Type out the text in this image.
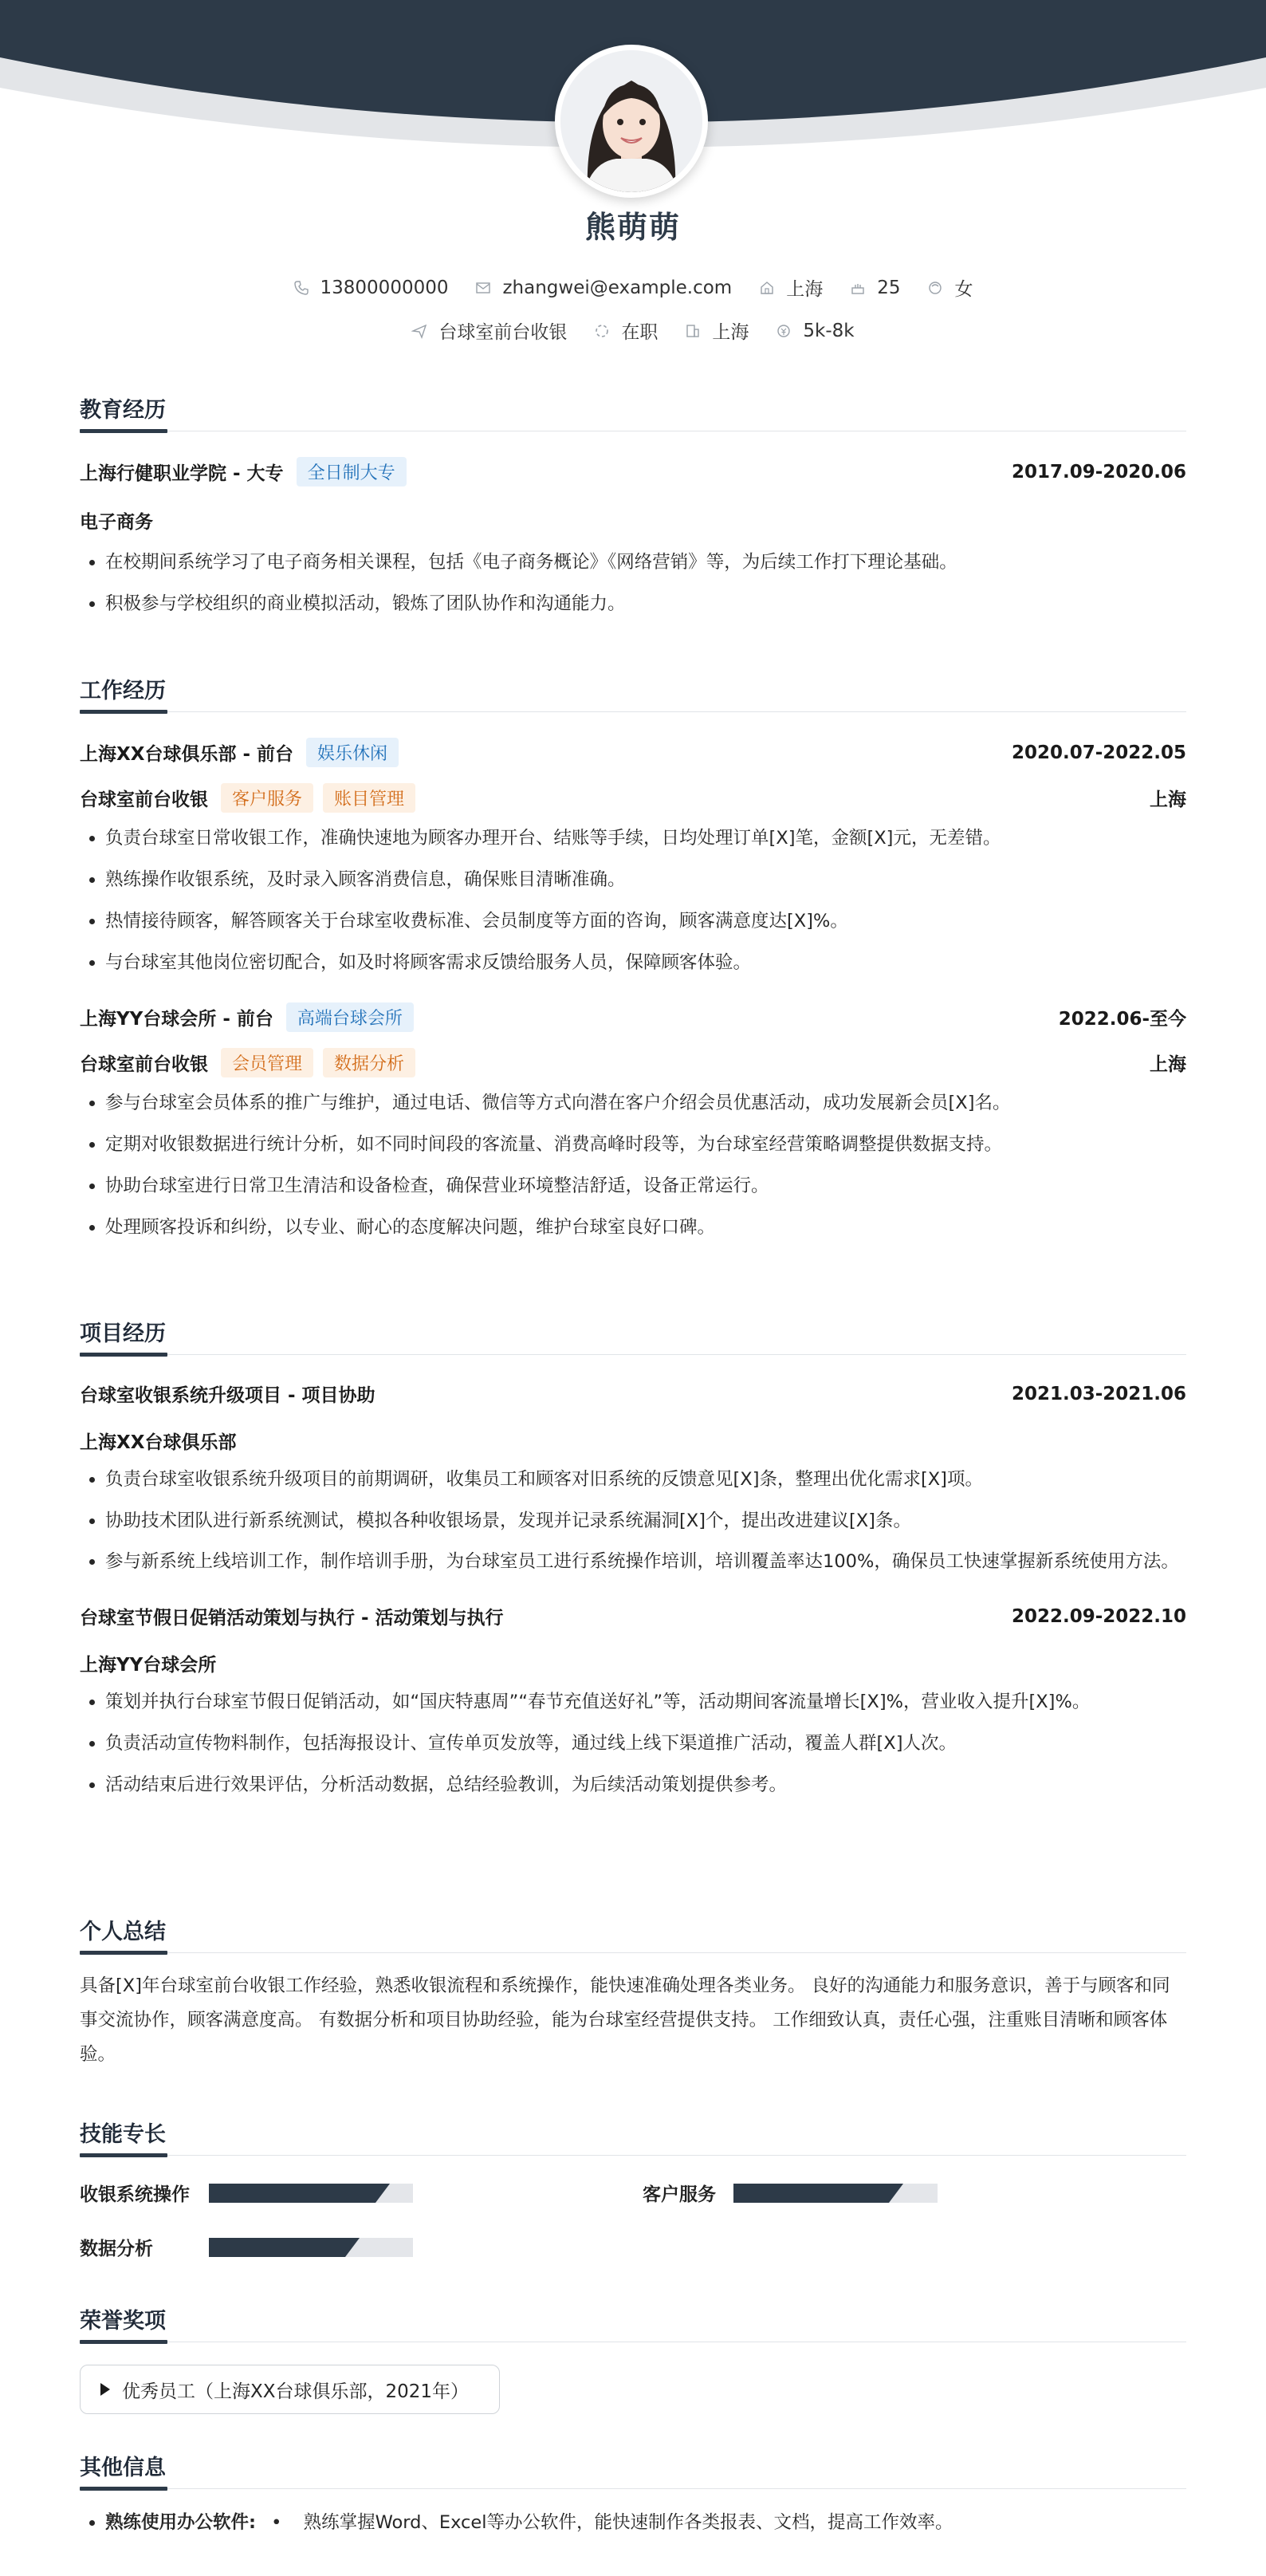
熊萌萌
13800000000	zhangwei@example.com	上海	25	女
台球室前台收银	在职	上海	5k-8k
教育经历
上海行健职业学院 - 大专	全日制大专	2017.09-2020.06
电子商务
• 在校期间系统学习了电子商务相关课程，包括《电子商务概论》《网络营销》等，为后续工作打下理论基础。
• 积极参与学校组织的商业模拟活动，锻炼了团队协作和沟通能力。
工作经历
上海XX台球俱乐部 - 前台	娱乐休闲	2020.07-2022.05
台球室前台收银	客户服务	账目管理	上海
• 负责台球室日常收银工作，准确快速地为顾客办理开台、结账等手续，日均处理订单[X]笔，金额[X]元，无差错。
• 熟练操作收银系统，及时录入顾客消费信息，确保账目清晰准确。
• 热情接待顾客，解答顾客关于台球室收费标准、会员制度等方面的咨询，顾客满意度达[X]%。
• 与台球室其他岗位密切配合，如及时将顾客需求反馈给服务人员，保障顾客体验。
上海YY台球会所 - 前台	高端台球会所	2022.06-至今
台球室前台收银	会员管理	数据分析	上海
• 参与台球室会员体系的推广与维护，通过电话、微信等方式向潜在客户介绍会员优惠活动，成功发展新会员[X]名。
• 定期对收银数据进行统计分析，如不同时间段的客流量、消费高峰时段等，为台球室经营策略调整提供数据支持。
• 协助台球室进行日常卫生清洁和设备检查，确保营业环境整洁舒适，设备正常运行。
• 处理顾客投诉和纠纷，以专业、耐心的态度解决问题，维护台球室良好口碑。
项目经历
台球室收银系统升级项目 - 项目协助	2021.03-2021.06
上海XX台球俱乐部
• 负责台球室收银系统升级项目的前期调研，收集员工和顾客对旧系统的反馈意见[X]条，整理出优化需求[X]项。
• 协助技术团队进行新系统测试，模拟各种收银场景，发现并记录系统漏洞[X]个，提出改进建议[X]条。
• 参与新系统上线培训工作，制作培训手册，为台球室员工进行系统操作培训，培训覆盖率达100%，确保员工快速掌握新系统使用方法。
台球室节假日促销活动策划与执行 - 活动策划与执行	2022.09-2022.10
上海YY台球会所
• 策划并执行台球室节假日促销活动，如“国庆特惠周”“春节充值送好礼”等，活动期间客流量增长[X]%，营业收入提升[X]%。
• 负责活动宣传物料制作，包括海报设计、宣传单页发放等，通过线上线下渠道推广活动，覆盖人群[X]人次。
• 活动结束后进行效果评估，分析活动数据，总结经验教训，为后续活动策划提供参考。
个人总结
具备[X]年台球室前台收银工作经验，熟悉收银流程和系统操作，能快速准确处理各类业务。 良好的沟通能力和服务意识，善于与顾客和同事交流协作，顾客满意度高。 有数据分析和项目协助经验，能为台球室经营提供支持。 工作细致认真，责任心强，注重账目清晰和顾客体验。
技能专长
收银系统操作	客户服务
数据分析
荣誉奖项
优秀员工（上海XX台球俱乐部，2021年）
其他信息
• 熟练使用办公软件: • 熟练掌握Word、Excel等办公软件，能快速制作各类报表、文档，提高工作效率。
